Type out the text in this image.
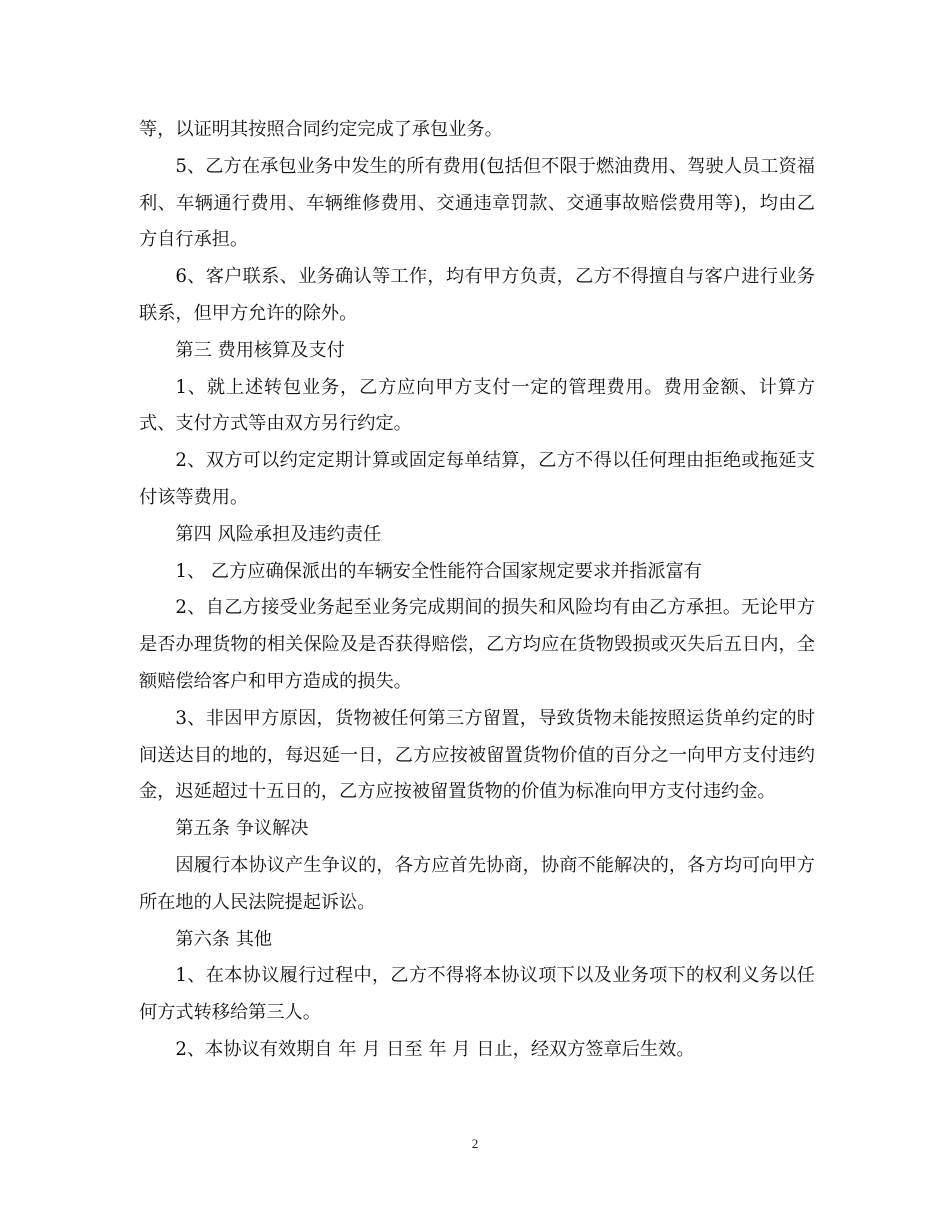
等，以证明其按照合同约定完成了承包业务。

5、乙方在承包业务中发生的所有费用(包括但不限于燃油费用、驾驶人员工资福利、车辆通行费用、车辆维修费用、交通违章罚款、交通事故赔偿费用等)，均由乙方自行承担。

6、客户联系、业务确认等工作，均有甲方负责，乙方不得擅自与客户进行业务联系，但甲方允许的除外。

第三 费用核算及支付

1、就上述转包业务，乙方应向甲方支付一定的管理费用。费用金额、计算方式、支付方式等由双方另行约定。

2、双方可以约定定期计算或固定每单结算，乙方不得以任何理由拒绝或拖延支付该等费用。

第四 风险承担及违约责任

1、 乙方应确保派出的车辆安全性能符合国家规定要求并指派富有

2、自乙方接受业务起至业务完成期间的损失和风险均有由乙方承担。无论甲方是否办理货物的相关保险及是否获得赔偿，乙方均应在货物毁损或灭失后五日内，全额赔偿给客户和甲方造成的损失。

3、非因甲方原因，货物被任何第三方留置，导致货物未能按照运货单约定的时间送达目的地的，每迟延一日，乙方应按被留置货物价值的百分之一向甲方支付违约金，迟延超过十五日的，乙方应按被留置货物的价值为标准向甲方支付违约金。

第五条 争议解决

因履行本协议产生争议的，各方应首先协商，协商不能解决的，各方均可向甲方所在地的人民法院提起诉讼。

第六条 其他

1、在本协议履行过程中，乙方不得将本协议项下以及业务项下的权利义务以任何方式转移给第三人。

2、本协议有效期自 年 月 日至 年 月 日止，经双方签章后生效。

2
